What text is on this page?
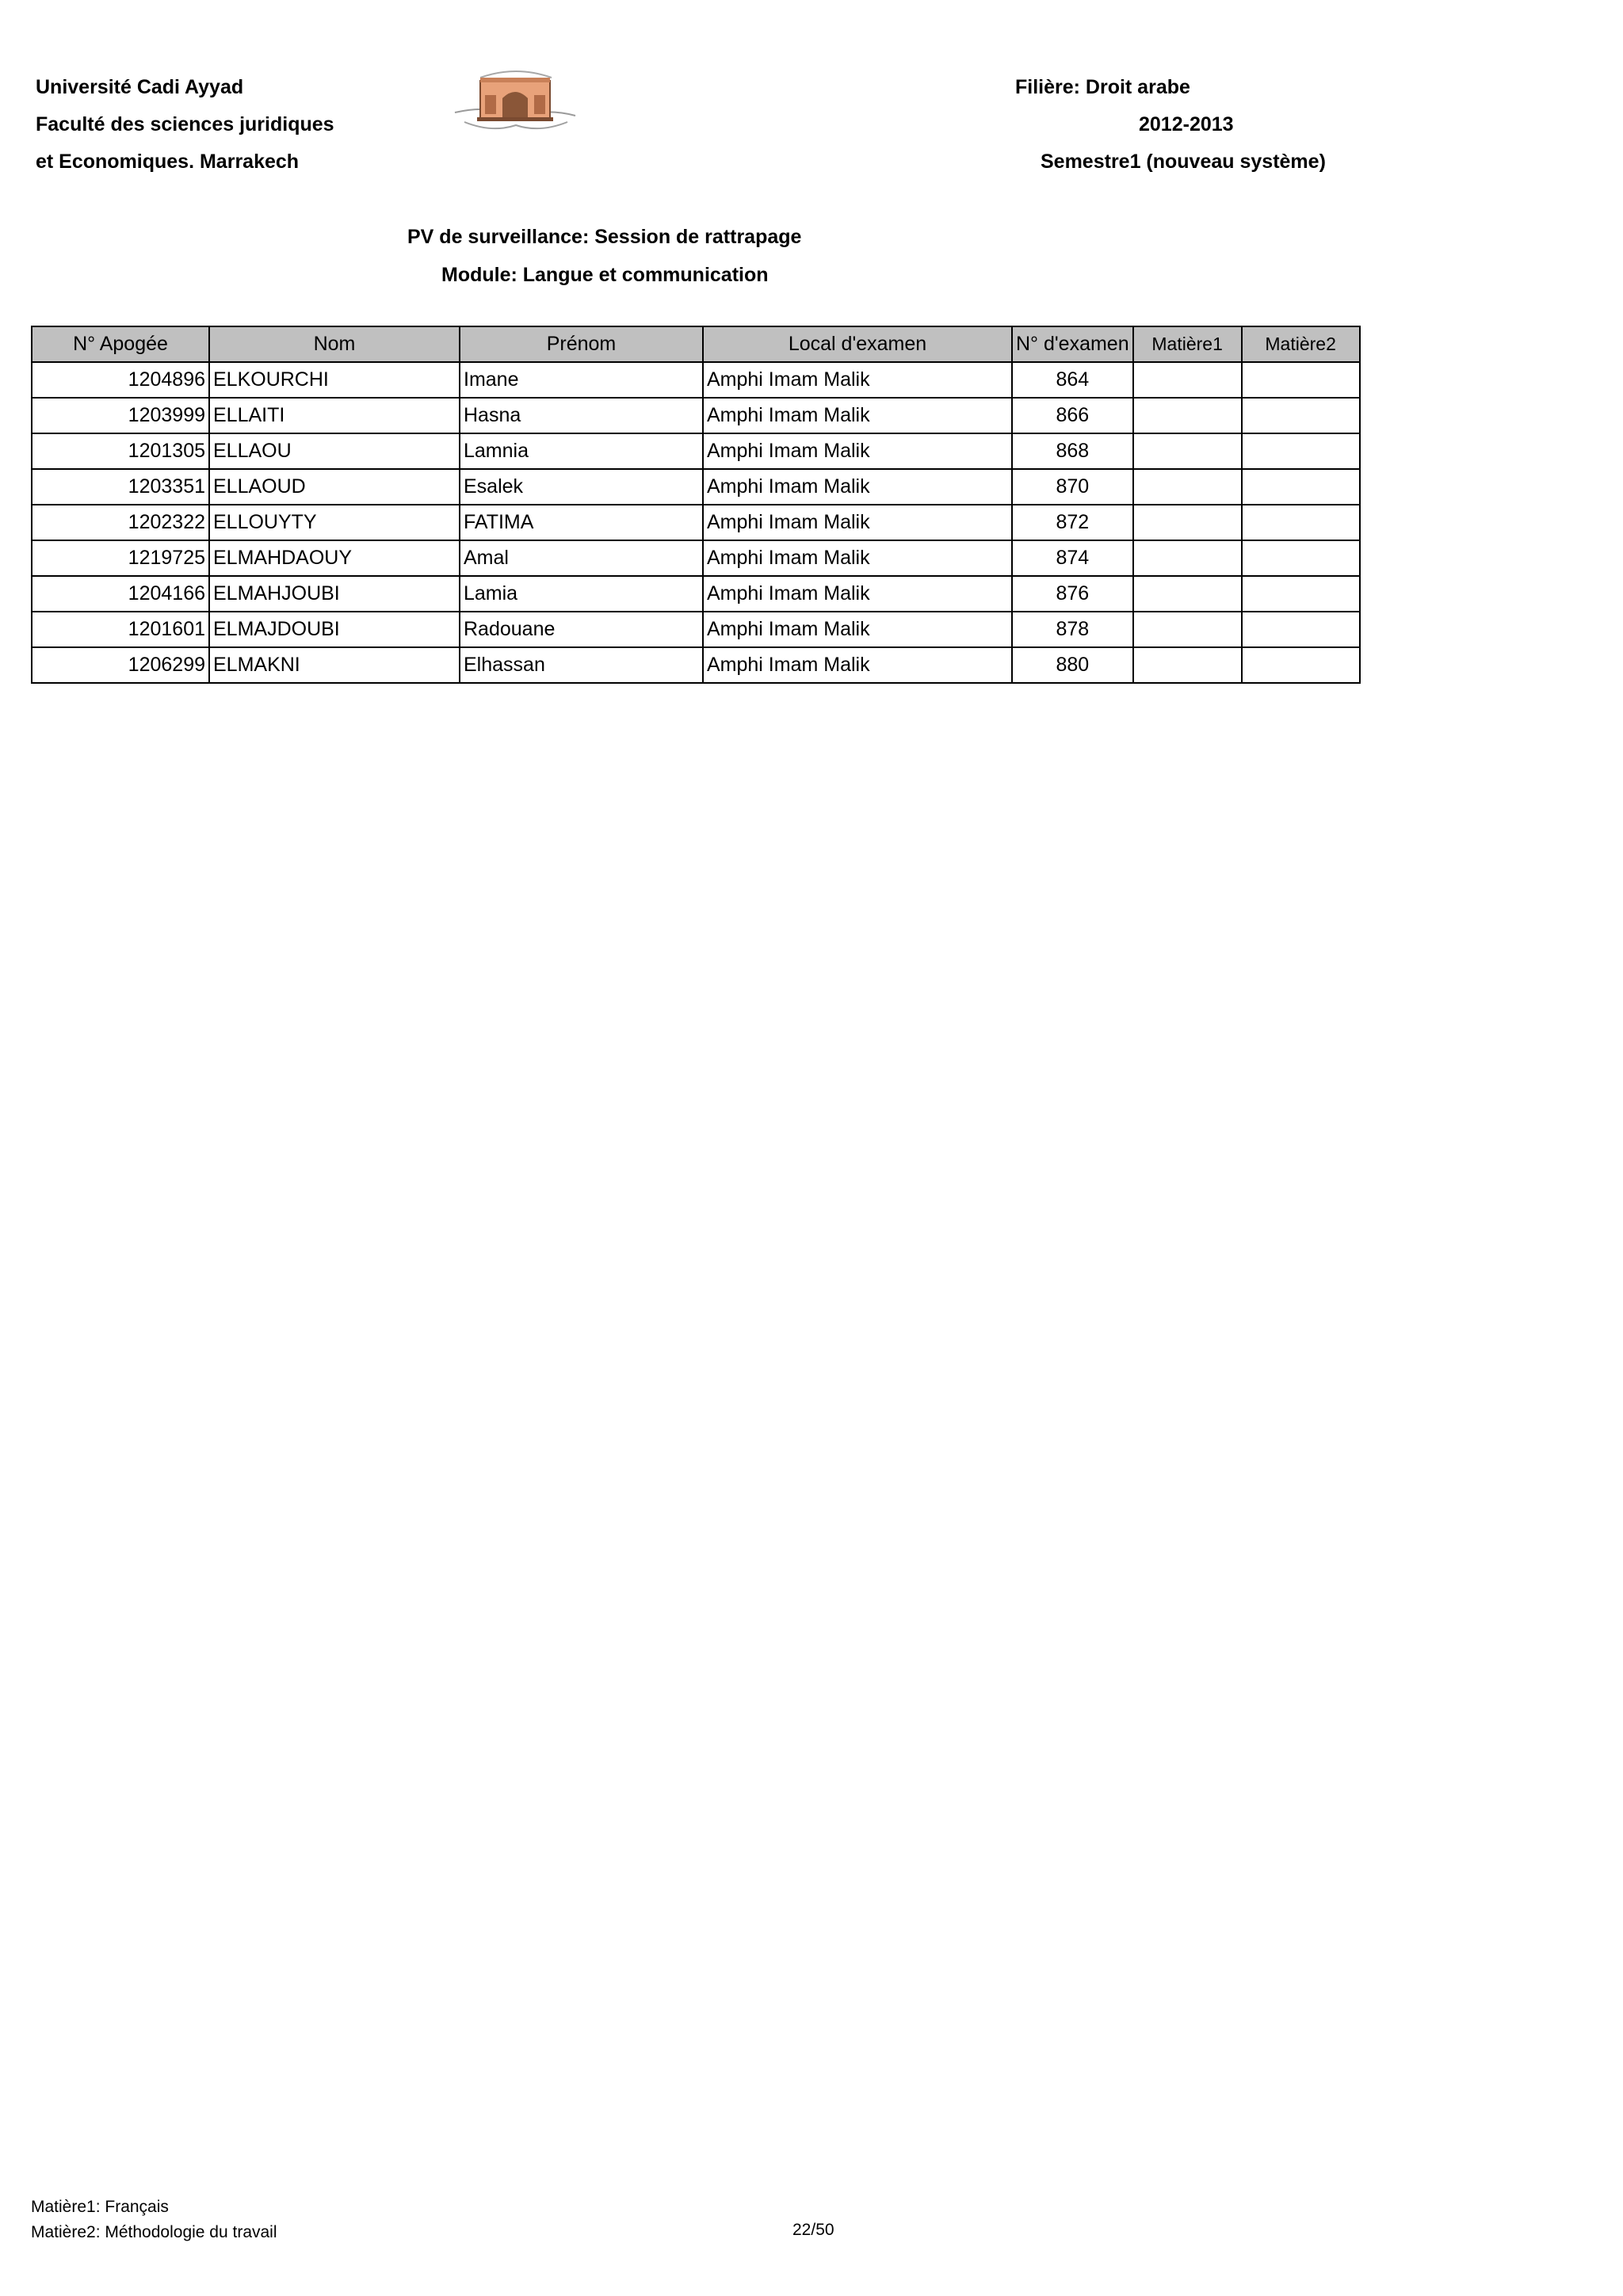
Université Cadi Ayyad
Faculté des sciences juridiques
et Economiques. Marrakech
Filière: Droit arabe
2012-2013
Semestre1 (nouveau système)
PV de surveillance: Session de rattrapage
Module: Langue et communication
N° Apogée	Nom	Prénom	Local d'examen	N° d'examen	Matière1	Matière2
1204896	ELKOURCHI	Imane	Amphi Imam Malik	864		
1203999	ELLAITI	Hasna	Amphi Imam Malik	866		
1201305	ELLAOU	Lamnia	Amphi Imam Malik	868		
1203351	ELLAOUD	Esalek	Amphi Imam Malik	870		
1202322	ELLOUYTY	FATIMA	Amphi Imam Malik	872		
1219725	ELMAHDAOUY	Amal	Amphi Imam Malik	874		
1204166	ELMAHJOUBI	Lamia	Amphi Imam Malik	876		
1201601	ELMAJDOUBI	Radouane	Amphi Imam Malik	878		
1206299	ELMAKNI	Elhassan	Amphi Imam Malik	880		
Matière1: Français
Matière2: Méthodologie du travail	22/50
